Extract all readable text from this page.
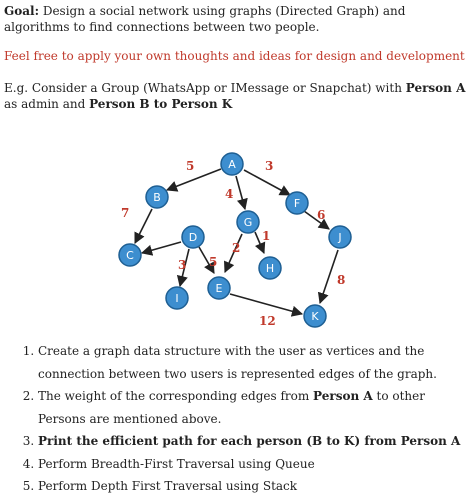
Goal: Design a social network using graphs (Directed Graph) and algorithms to find connections between two people.

Feel free to apply your own thoughts and ideas for design and development

E.g. Consider a Group (WhatsApp or IMessage or Snapchat) with Person A as admin and Person B to Person K

5	3
4
7	6
1
2
5
3
8
12
A
B
C
D
E
F
G
H
I
K
J
1. Create a graph data structure with the user as vertices and the connection between two users is represented edges of the graph.
2. The weight of the corresponding edges from Person A to other Persons are mentioned above.
3. Print the efficient path for each person (B to K) from Person A
4. Perform Breadth-First Traversal using Queue
5. Perform Depth First Traversal using Stack
